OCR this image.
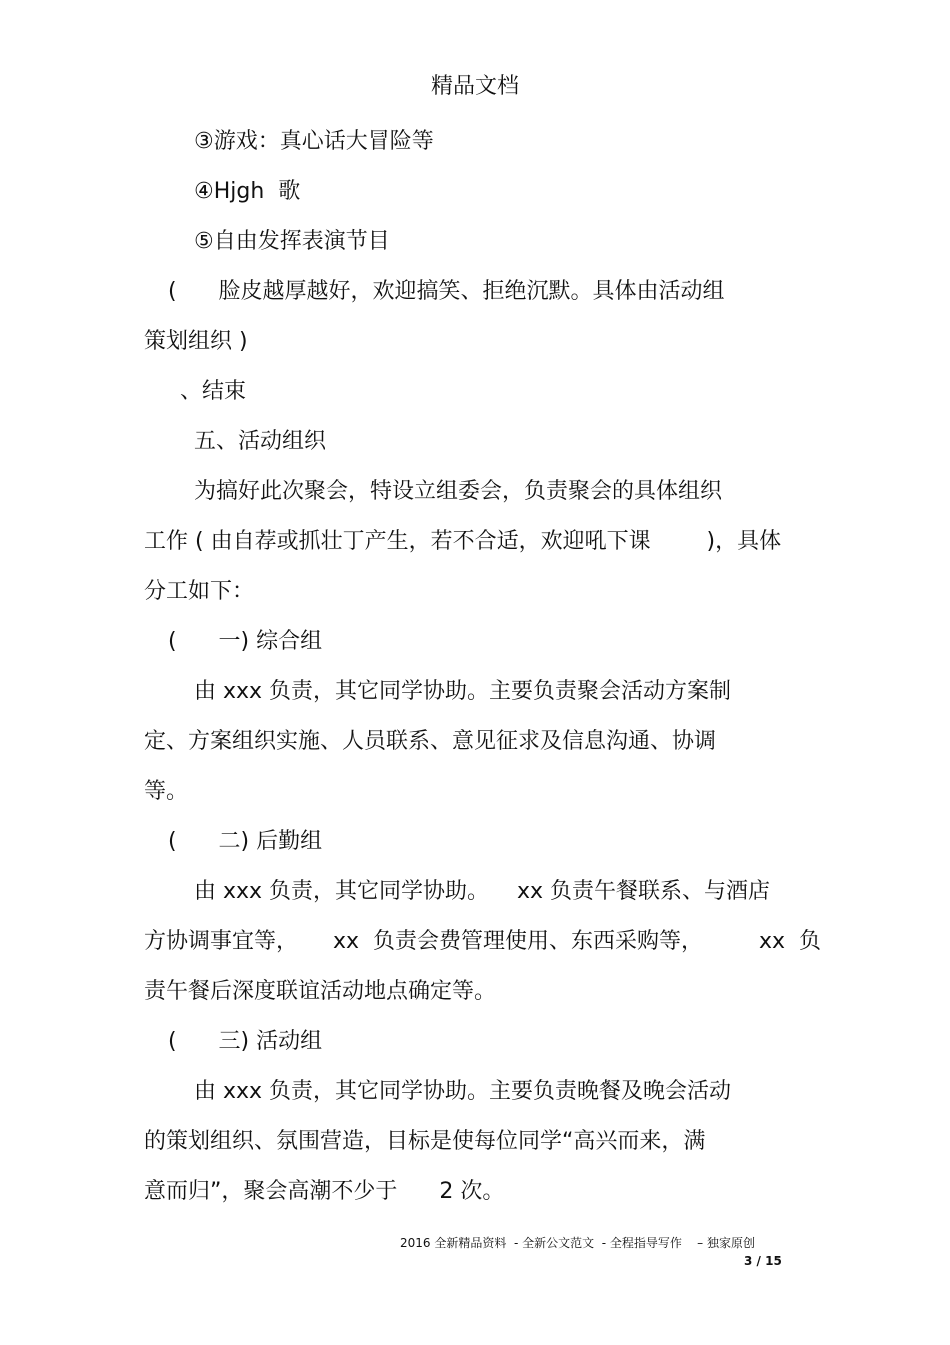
精品文档
③游戏：真心话大冒险等
④Hjgh  歌
⑤自由发挥表演节目
(      脸皮越厚越好，欢迎搞笑、拒绝沉默。具体由活动组
策划组织 )
、结束
五、活动组织
为搞好此次聚会，特设立组委会，负责聚会的具体组织
工作 ( 由自荐或抓壮丁产生，若不合适，欢迎吼下课        )，具体
分工如下：
(      一) 综合组
由 xxx 负责，其它同学协助。主要负责聚会活动方案制
定、方案组织实施、人员联系、意见征求及信息沟通、协调
等。
(      二) 后勤组
由 xxx 负责，其它同学协助。    xx 负责午餐联系、与酒店
方协调事宜等，     xx  负责会费管理使用、东西采购等，        xx  负
责午餐后深度联谊活动地点确定等。
(      三) 活动组
由 xxx 负责，其它同学协助。主要负责晚餐及晚会活动
的策划组织、氛围营造，目标是使每位同学“高兴而来，满
意而归”，聚会高潮不少于      2 次。
2016 全新精品资料  - 全新公文范文  - 全程指导写作    – 独家原创
3 / 15
